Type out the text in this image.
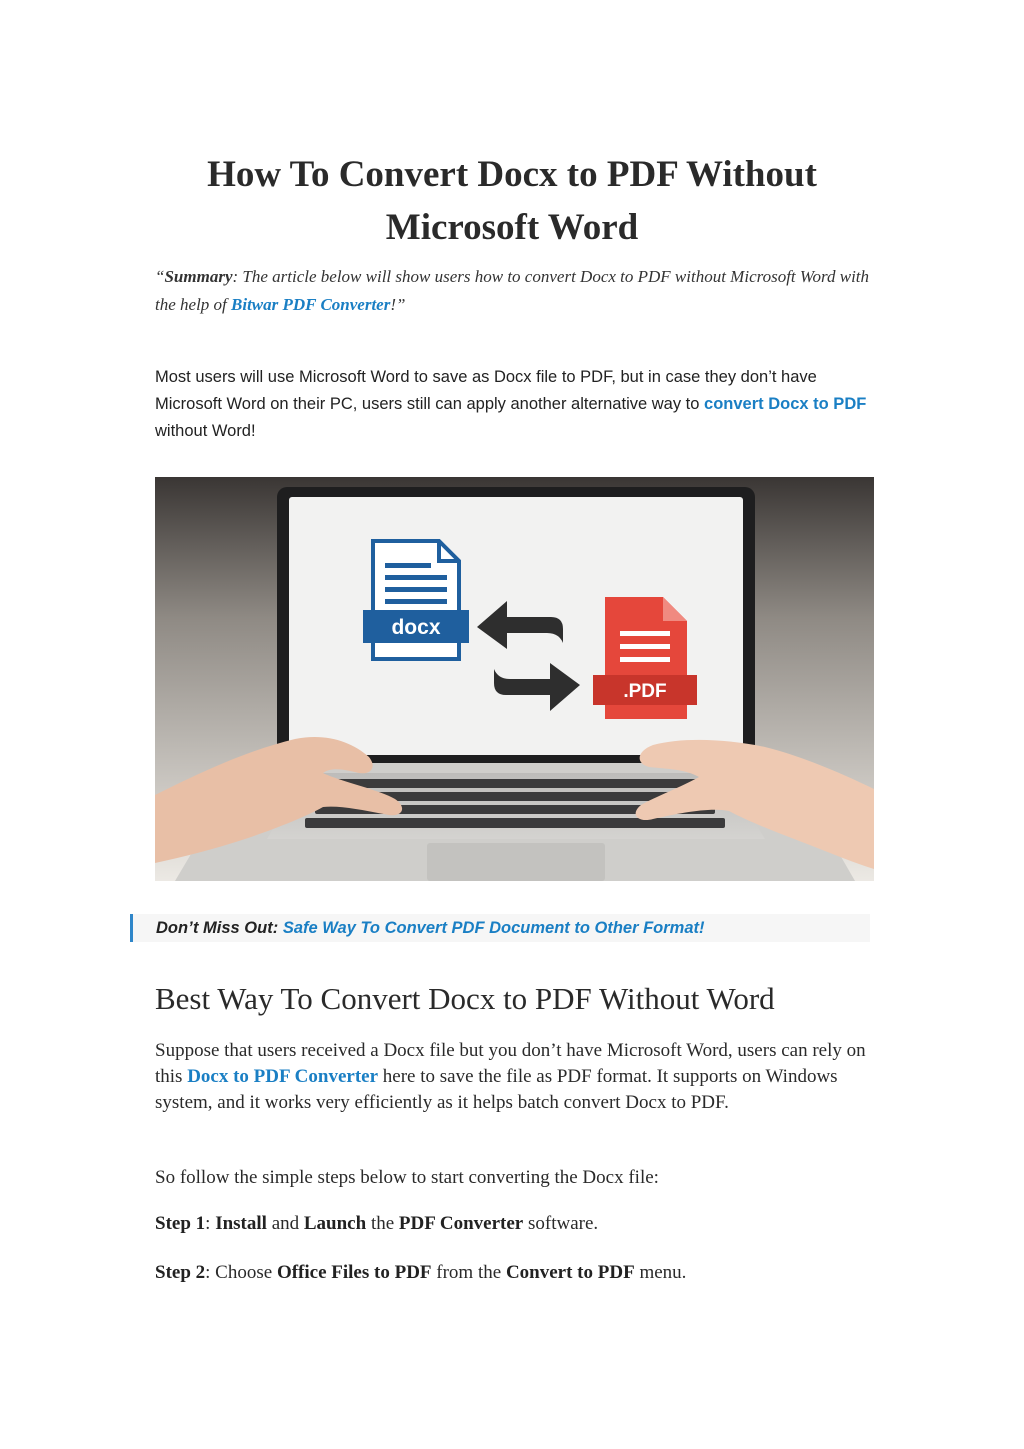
How To Convert Docx to PDF Without Microsoft Word
“Summary: The article below will show users how to convert Docx to PDF without Microsoft Word with the help of Bitwar PDF Converter!”
Most users will use Microsoft Word to save as Docx file to PDF, but in case they don’t have Microsoft Word on their PC, users still can apply another alternative way to convert Docx to PDF without Word!
docx
.PDF
Don’t Miss Out: Safe Way To Convert PDF Document to Other Format!
Best Way To Convert Docx to PDF Without Word
Suppose that users received a Docx file but you don’t have Microsoft Word, users can rely on this Docx to PDF Converter here to save the file as PDF format. It supports on Windows system, and it works very efficiently as it helps batch convert Docx to PDF.
So follow the simple steps below to start converting the Docx file:
Step 1: Install and Launch the PDF Converter software.
Step 2: Choose Office Files to PDF from the Convert to PDF menu.
